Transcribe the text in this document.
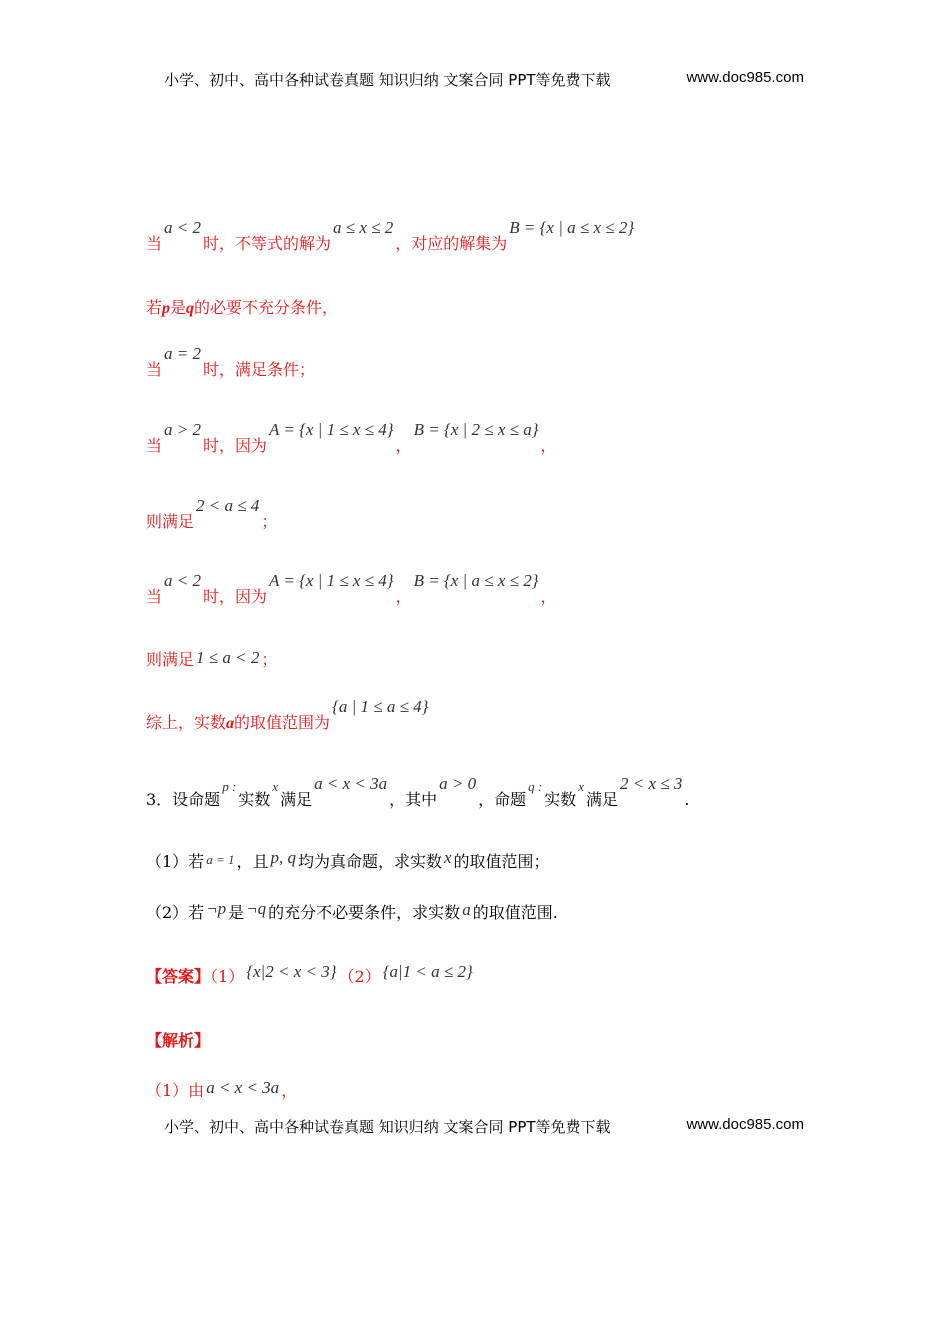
小学、初中、高中各种试卷真题 知识归纳 文案合同 PPT等免费下载	www.doc985.com
当a < 2时，不等式的解为a ≤ x ≤ 2，对应的解集为B = {x | a ≤ x ≤ 2}
若p是q的必要不充分条件，
当a = 2时，满足条件；
当a > 2时，因为A = {x | 1 ≤ x ≤ 4}，B = {x | 2 ≤ x ≤ a}，
则满足2 < a ≤ 4；
当a < 2时，因为A = {x | 1 ≤ x ≤ 4}，B = {x | a ≤ x ≤ 2}，
则满足 1 ≤ a < 2 ；
综上，实数a的取值范围为{a | 1 ≤ a ≤ 4}
3．设命题$^{p :}$实数$^x$满足a < x < 3a，其中a > 0，命题$^{q :}$实数$^x$满足2 < x ≤ 3.
（1）若 a = 1 ，且 p, q 均为真命题，求实数 x 的取值范围；
（2）若 ¬p 是 ¬q 的充分不必要条件，求实数 a 的取值范围.
【答案】（1） {x|2 < x < 3} （2） {a|1 < a ≤ 2}
【解析】
（1）由 a < x < 3a ，
小学、初中、高中各种试卷真题 知识归纳 文案合同 PPT等免费下载	www.doc985.com
